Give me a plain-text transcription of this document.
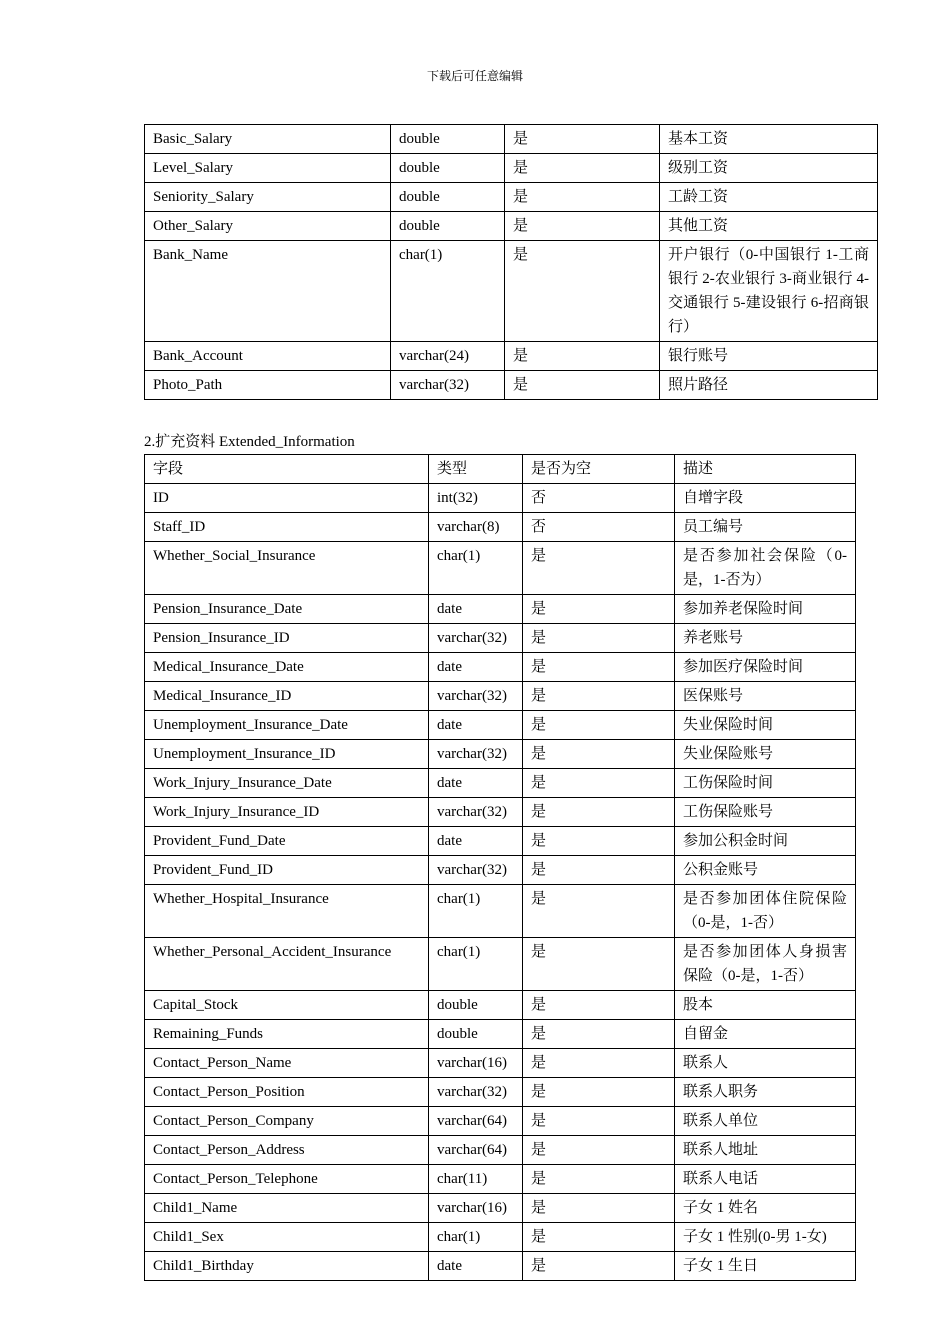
下载后可任意编辑
Basic_Salary	double	是	基本工资
Level_Salary	double	是	级别工资
Seniority_Salary	double	是	工龄工资
Other_Salary	double	是	其他工资
Bank_Name	char(1)	是	开户银行（0-中国银行 1-工商银行 2-农业银行 3-商业银行 4-交通银行 5-建设银行 6-招商银行）
Bank_Account	varchar(24)	是	银行账号
Photo_Path	varchar(32)	是	照片路径
2.扩充资料 Extended_Information
字段	类型	是否为空	描述
ID	int(32)	否	自增字段
Staff_ID	varchar(8)	否	员工编号
Whether_Social_Insurance	char(1)	是	是否参加社会保险（0- 是，1-否为）
Pension_Insurance_Date	date	是	参加养老保险时间
Pension_Insurance_ID	varchar(32)	是	养老账号
Medical_Insurance_Date	date	是	参加医疗保险时间
Medical_Insurance_ID	varchar(32)	是	医保账号
Unemployment_Insurance_Date	date	是	失业保险时间
Unemployment_Insurance_ID	varchar(32)	是	失业保险账号
Work_Injury_Insurance_Date	date	是	工伤保险时间
Work_Injury_Insurance_ID	varchar(32)	是	工伤保险账号
Provident_Fund_Date	date	是	参加公积金时间
Provident_Fund_ID	varchar(32)	是	公积金账号
Whether_Hospital_Insurance	char(1)	是	是否参加团体住院保险　（0-是，1-否）
Whether_Personal_Accident_Insurance	char(1)	是	是否参加团体人身损害保险（0-是，1-否）
Capital_Stock	double	是	股本
Remaining_Funds	double	是	自留金
Contact_Person_Name	varchar(16)	是	联系人
Contact_Person_Position	varchar(32)	是	联系人职务
Contact_Person_Company	varchar(64)	是	联系人单位
Contact_Person_Address	varchar(64)	是	联系人地址
Contact_Person_Telephone	char(11)	是	联系人电话
Child1_Name	varchar(16)	是	子女 1 姓名
Child1_Sex	char(1)	是	子女 1 性别(0-男 1-女)
Child1_Birthday	date	是	子女 1 生日
